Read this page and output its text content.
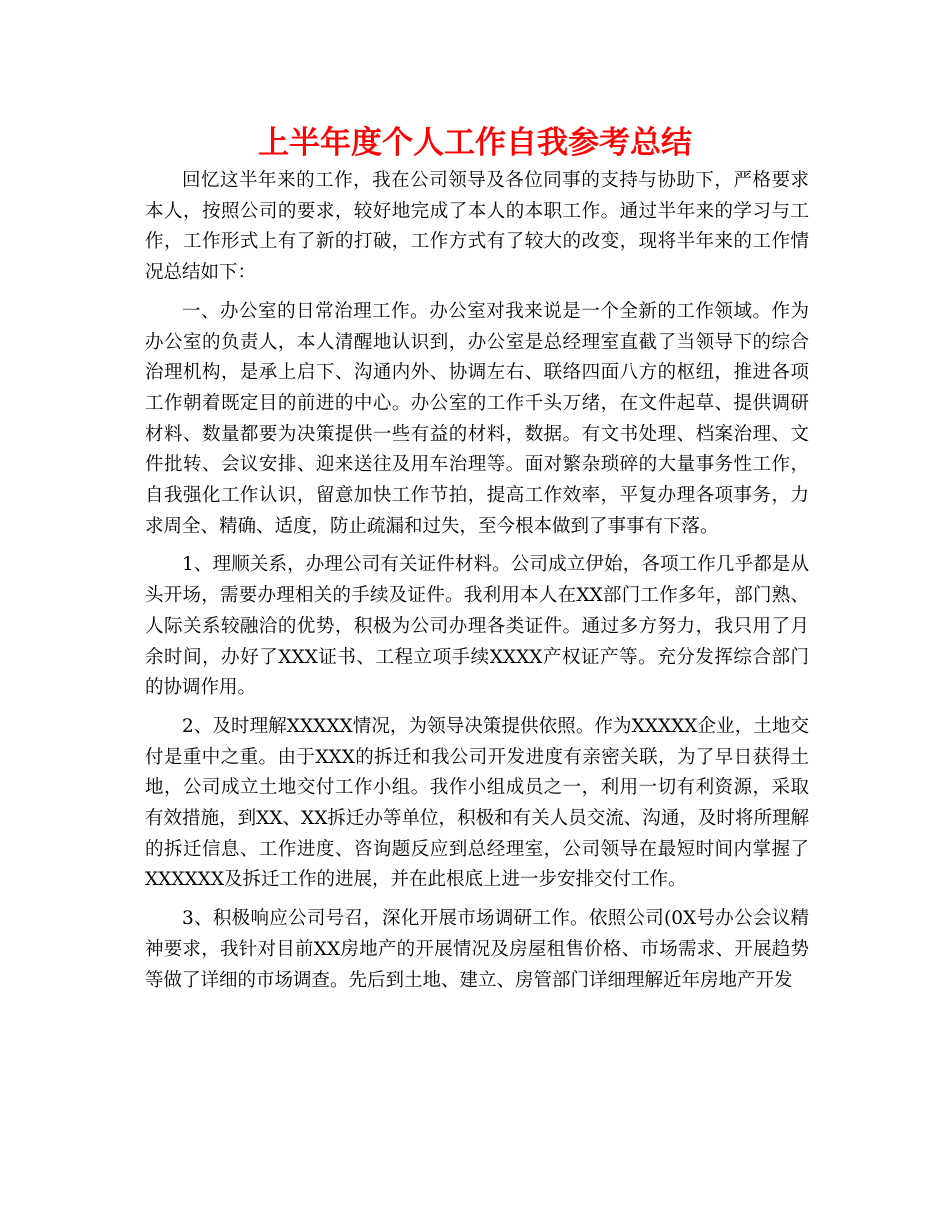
上半年度个人工作自我参考总结

回忆这半年来的工作，我在公司领导及各位同事的支持与协助下，严格要求本人，按照公司的要求，较好地完成了本人的本职工作。通过半年来的学习与工作，工作形式上有了新的打破，工作方式有了较大的改变，现将半年来的工作情况总结如下：

一、办公室的日常治理工作。办公室对我来说是一个全新的工作领域。作为办公室的负责人，本人清醒地认识到，办公室是总经理室直截了当领导下的综合治理机构，是承上启下、沟通内外、协调左右、联络四面八方的枢纽，推进各项工作朝着既定目的前进的中心。办公室的工作千头万绪，在文件起草、提供调研材料、数量都要为决策提供一些有益的材料，数据。有文书处理、档案治理、文件批转、会议安排、迎来送往及用车治理等。面对繁杂琐碎的大量事务性工作，自我强化工作认识，留意加快工作节拍，提高工作效率，平复办理各项事务，力求周全、精确、适度，防止疏漏和过失，至今根本做到了事事有下落。

1、理顺关系，办理公司有关证件材料。公司成立伊始，各项工作几乎都是从头开场，需要办理相关的手续及证件。我利用本人在XX部门工作多年，部门熟、人际关系较融洽的优势，积极为公司办理各类证件。通过多方努力，我只用了月余时间，办好了XXX证书、工程立项手续XXXX产权证产等。充分发挥综合部门的协调作用。

2、及时理解XXXXX情况，为领导决策提供依照。作为XXXXX企业，土地交付是重中之重。由于XXX的拆迁和我公司开发进度有亲密关联，为了早日获得土地，公司成立土地交付工作小组。我作小组成员之一，利用一切有利资源，采取有效措施，到XX、XX拆迁办等单位，积极和有关人员交流、沟通，及时将所理解的拆迁信息、工作进度、咨询题反应到总经理室，公司领导在最短时间内掌握了XXXXXX及拆迁工作的进展，并在此根底上进一步安排交付工作。

3、积极响应公司号召，深化开展市场调研工作。依照公司(0X号办公会议精神要求，我针对目前XX房地产的开展情况及房屋租售价格、市场需求、开展趋势等做了详细的市场调查。先后到土地、建立、房管部门详细理解近年房地产开发
